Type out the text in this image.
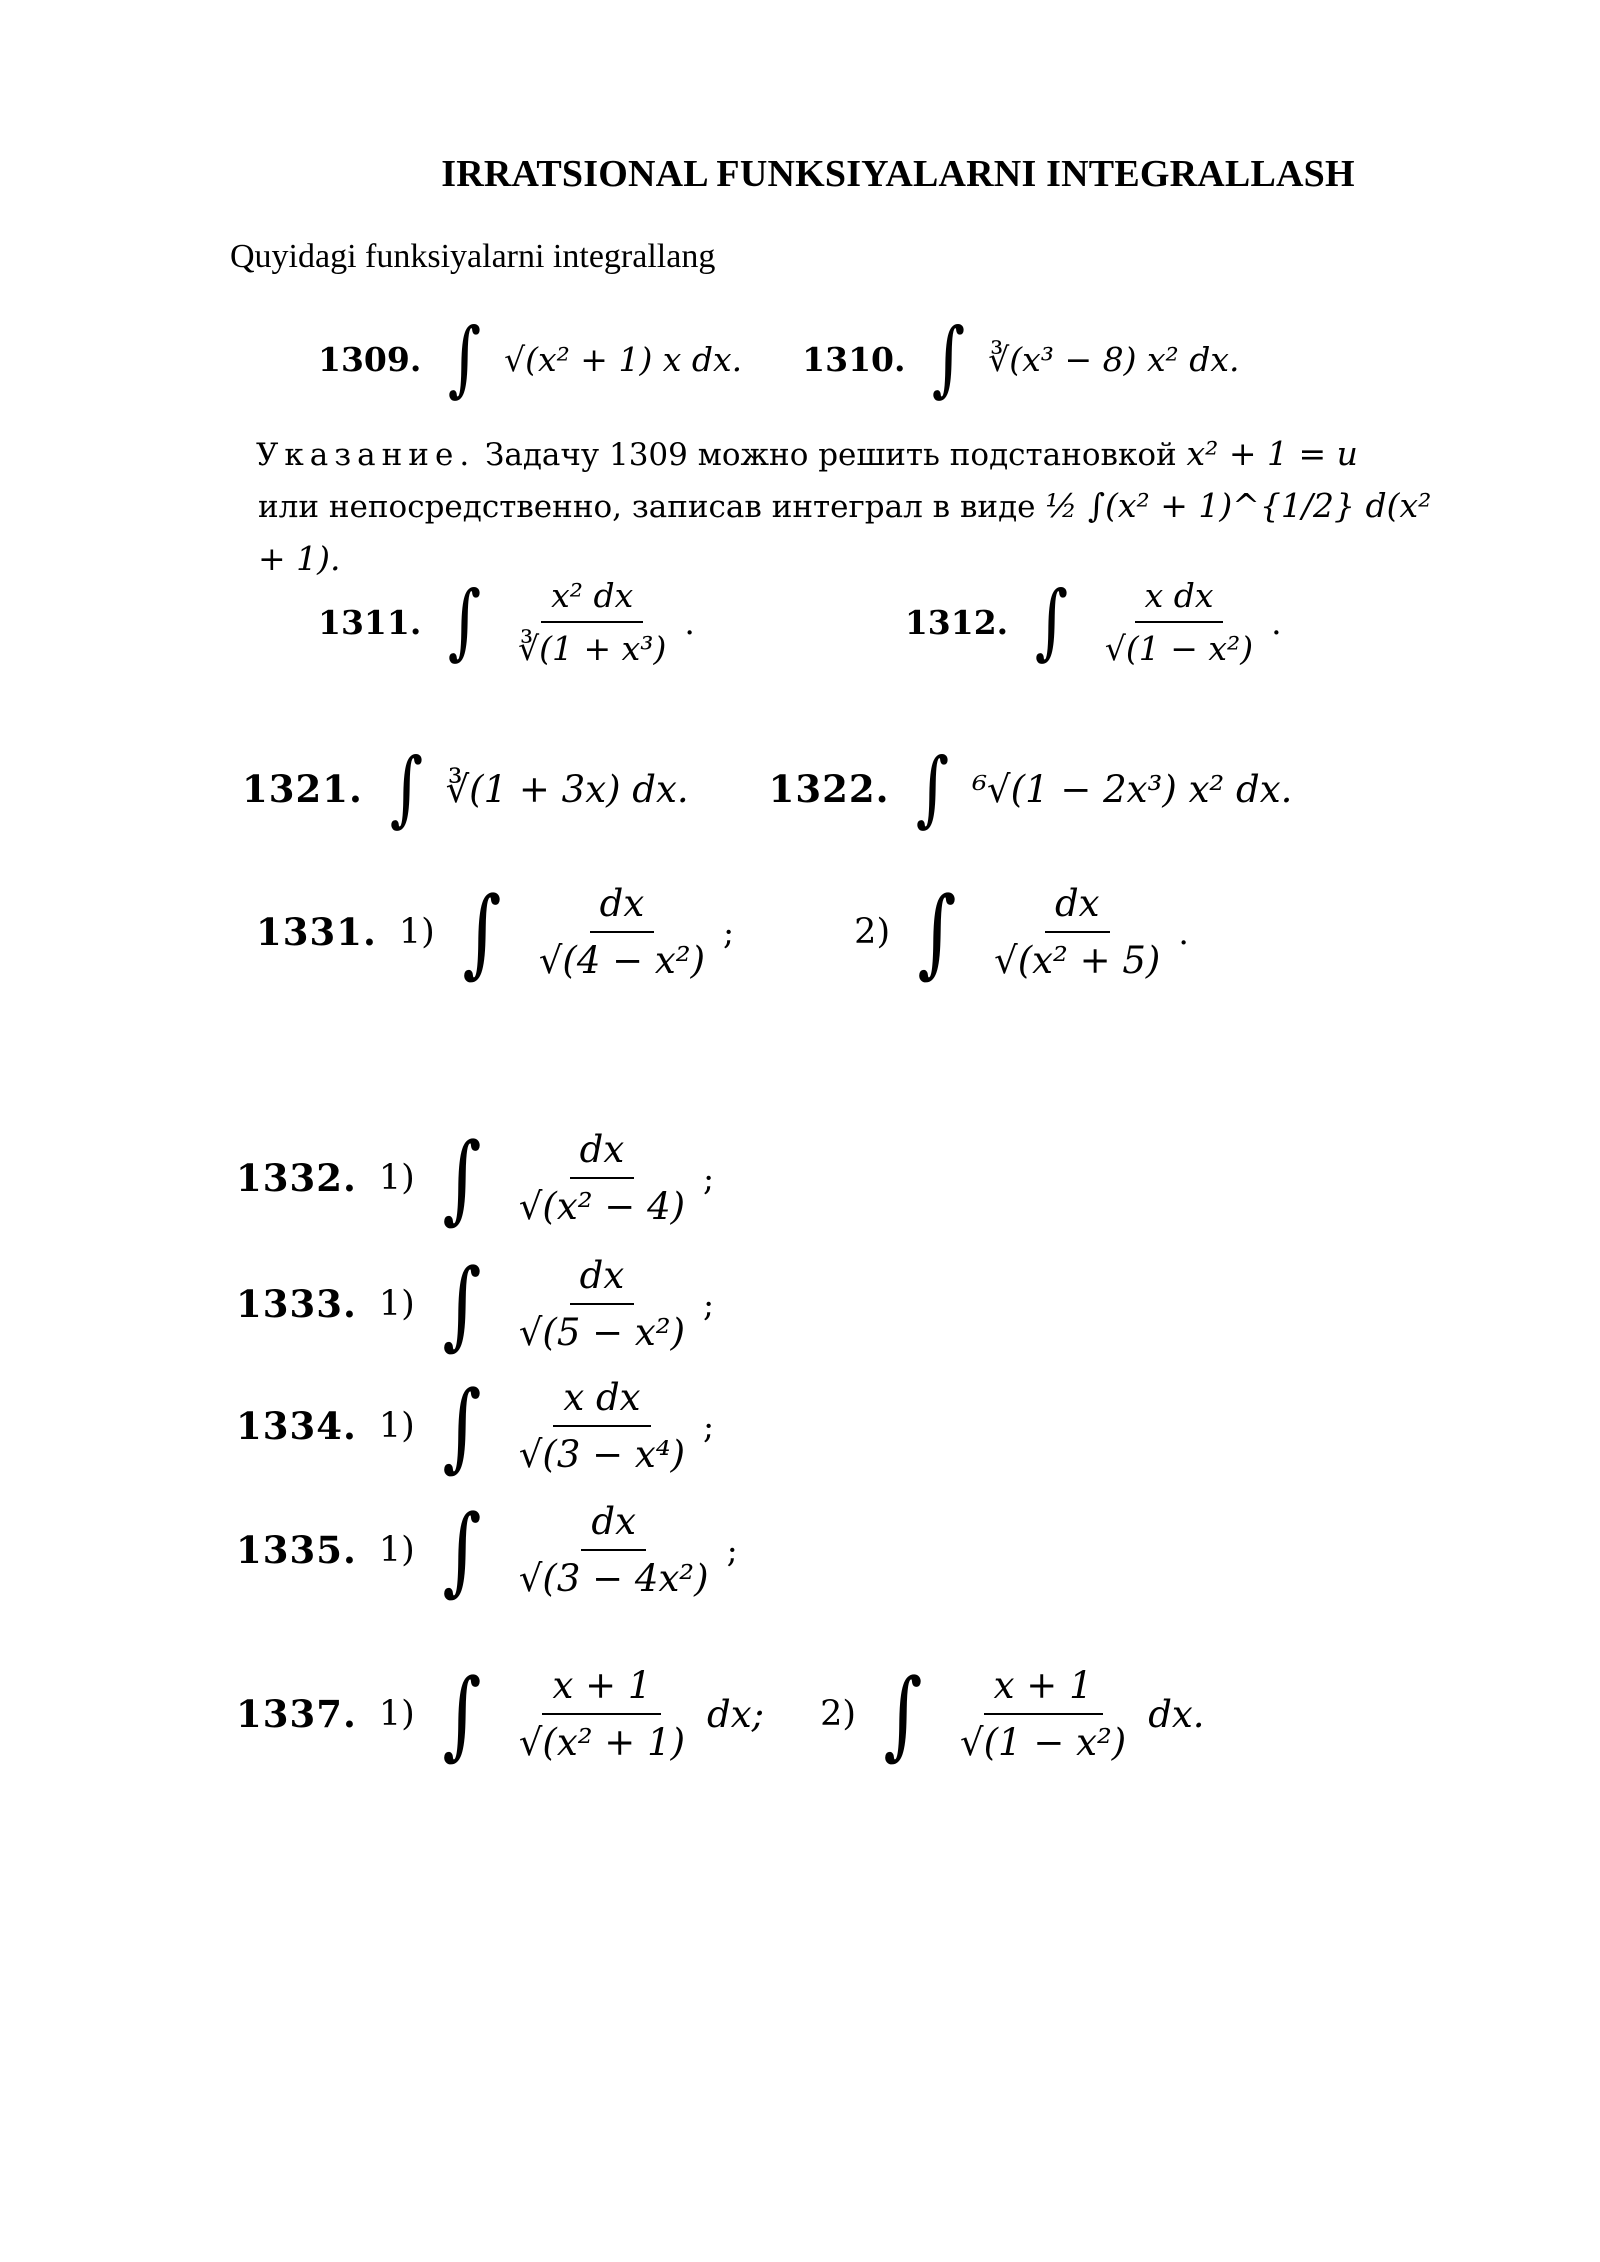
IRRATSIONAL FUNKSIYALARNI INTEGRALLASH
Quyidagi funksiyalarni integrallang
1309. ∫ √(x² + 1) x dx. 1310. ∫ ∛(x³ − 8) x² dx.
Указание. Задачу 1309 можно решить подстановкой x² + 1 = u
или непосредственно, записав интеграл в виде ½ ∫(x² + 1)^{1/2} d(x² + 1).
1311. ∫ $\frac{\text{x² dx}}{\text{∛(1 + x³)}}$ .	1312. ∫ $\frac{\text{x dx}}{\text{√(1 − x²)}}$ .
1321. ∫ ∛(1 + 3x) dx. 1322. ∫ ⁶√(1 − 2x³) x² dx.
1331. 1) ∫ $\frac{dx}{\text{√(4 − x²)}}$ ;	2) ∫ $\frac{dx}{\text{√(x² + 5)}}$ .
1332. 1) ∫ $\frac{dx}{\text{√(x² − 4)}}$ ;
1333. 1) ∫ $\frac{dx}{\text{√(5 − x²)}}$ ;
1334. 1) ∫ $\frac{\text{x dx}}{\text{√(3 − x⁴)}}$ ;
1335. 1) ∫ $\frac{dx}{\text{√(3 − 4x²)}}$ ;
1337. 1) ∫ $\frac{x + 1}{\text{√(x² + 1)}}$ dx; 2) ∫ $\frac{x + 1}{\text{√(1 − x²)}}$ dx.
